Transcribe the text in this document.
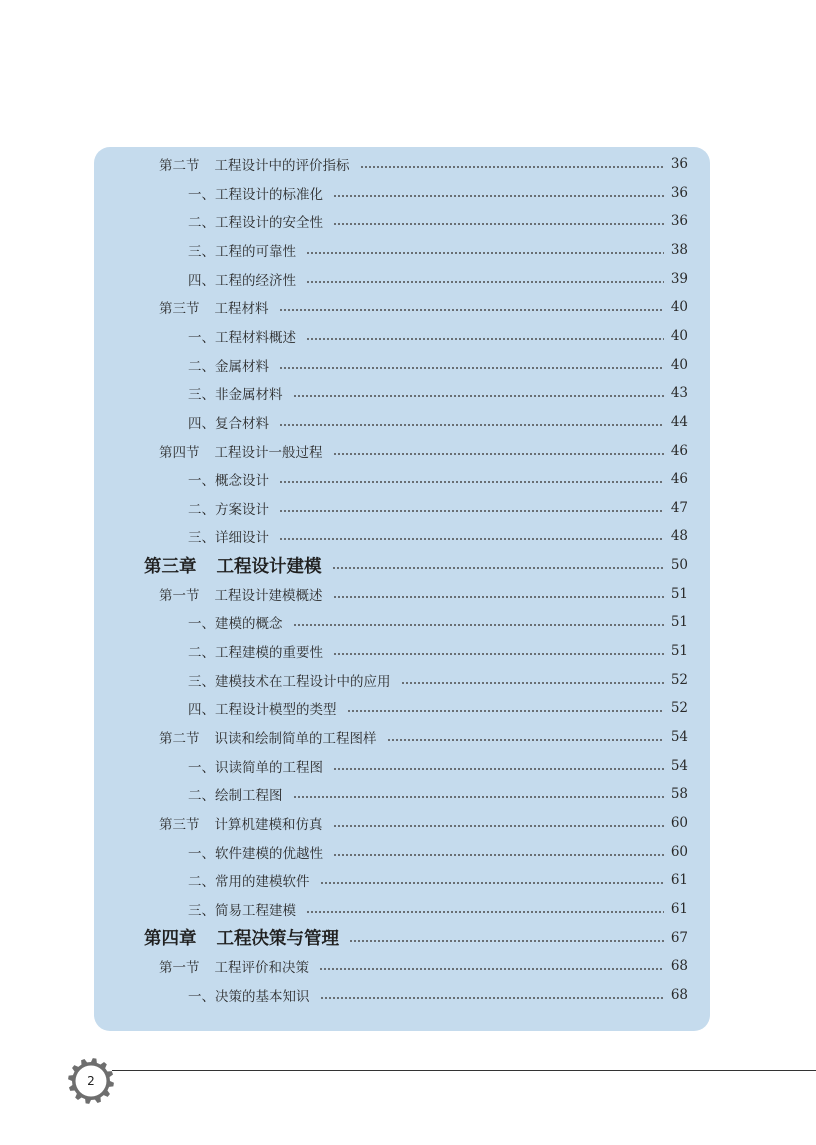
第二节 工程设计中的评价指标	36
一、工程设计的标准化	36
二、工程设计的安全性	36
三、工程的可靠性	38
四、工程的经济性	39
第三节 工程材料	40
一、工程材料概述	40
二、金属材料	40
三、非金属材料	43
四、复合材料	44
第四节 工程设计一般过程	46
一、概念设计	46
二、方案设计	47
三、详细设计	48
第三章 工程设计建模	50
第一节 工程设计建模概述	51
一、建模的概念	51
二、工程建模的重要性	51
三、建模技术在工程设计中的应用	52
四、工程设计模型的类型	52
第二节 识读和绘制简单的工程图样	54
一、识读简单的工程图	54
二、绘制工程图	58
第三节 计算机建模和仿真	60
一、软件建模的优越性	60
二、常用的建模软件	61
三、简易工程建模	61
第四章 工程决策与管理	67
第一节 工程评价和决策	68
一、决策的基本知识	68
2
